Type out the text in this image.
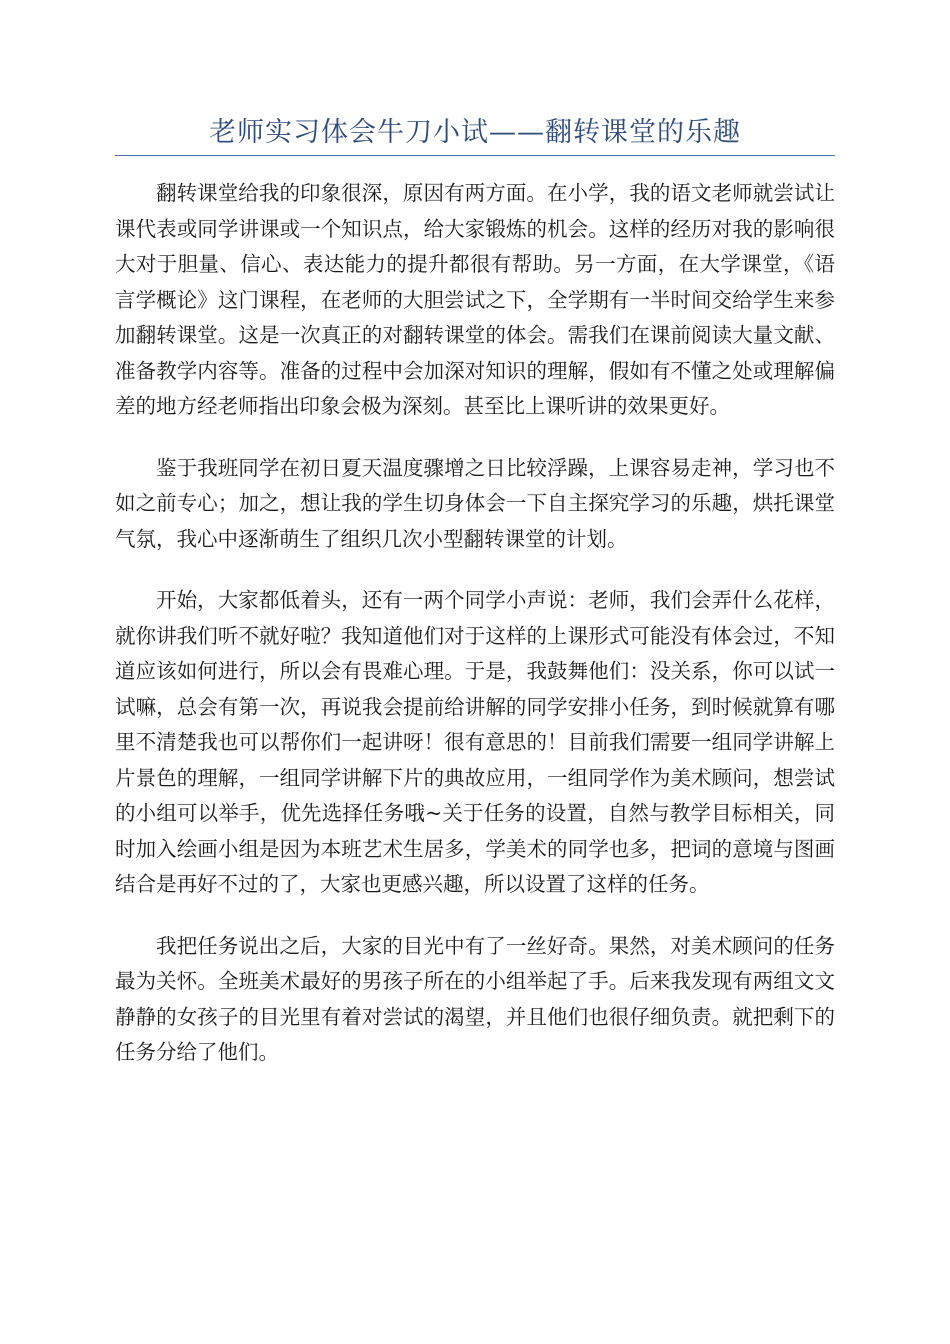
老师实习体会牛刀小试——翻转课堂的乐趣

翻转课堂给我的印象很深，原因有两方面。在小学，我的语文老师就尝试让课代表或同学讲课或一个知识点，给大家锻炼的机会。这样的经历对我的影响很大对于胆量、信心、表达能力的提升都很有帮助。另一方面，在大学课堂，《语言学概论》这门课程，在老师的大胆尝试之下，全学期有一半时间交给学生来参加翻转课堂。这是一次真正的对翻转课堂的体会。需我们在课前阅读大量文献、准备教学内容等。准备的过程中会加深对知识的理解，假如有不懂之处或理解偏差的地方经老师指出印象会极为深刻。甚至比上课听讲的效果更好。

鉴于我班同学在初日夏天温度骤增之日比较浮躁，上课容易走神，学习也不如之前专心；加之，想让我的学生切身体会一下自主探究学习的乐趣，烘托课堂气氛，我心中逐渐萌生了组织几次小型翻转课堂的计划。

开始，大家都低着头，还有一两个同学小声说：老师，我们会弄什么花样，就你讲我们听不就好啦？我知道他们对于这样的上课形式可能没有体会过，不知道应该如何进行，所以会有畏难心理。于是，我鼓舞他们：没关系，你可以试一试嘛，总会有第一次，再说我会提前给讲解的同学安排小任务，到时候就算有哪里不清楚我也可以帮你们一起讲呀！很有意思的！目前我们需要一组同学讲解上片景色的理解，一组同学讲解下片的典故应用，一组同学作为美术顾问，想尝试的小组可以举手，优先选择任务哦~关于任务的设置，自然与教学目标相关，同时加入绘画小组是因为本班艺术生居多，学美术的同学也多，把词的意境与图画结合是再好不过的了，大家也更感兴趣，所以设置了这样的任务。

我把任务说出之后，大家的目光中有了一丝好奇。果然，对美术顾问的任务最为关怀。全班美术最好的男孩子所在的小组举起了手。后来我发现有两组文文静静的女孩子的目光里有着对尝试的渴望，并且他们也很仔细负责。就把剩下的任务分给了他们。
